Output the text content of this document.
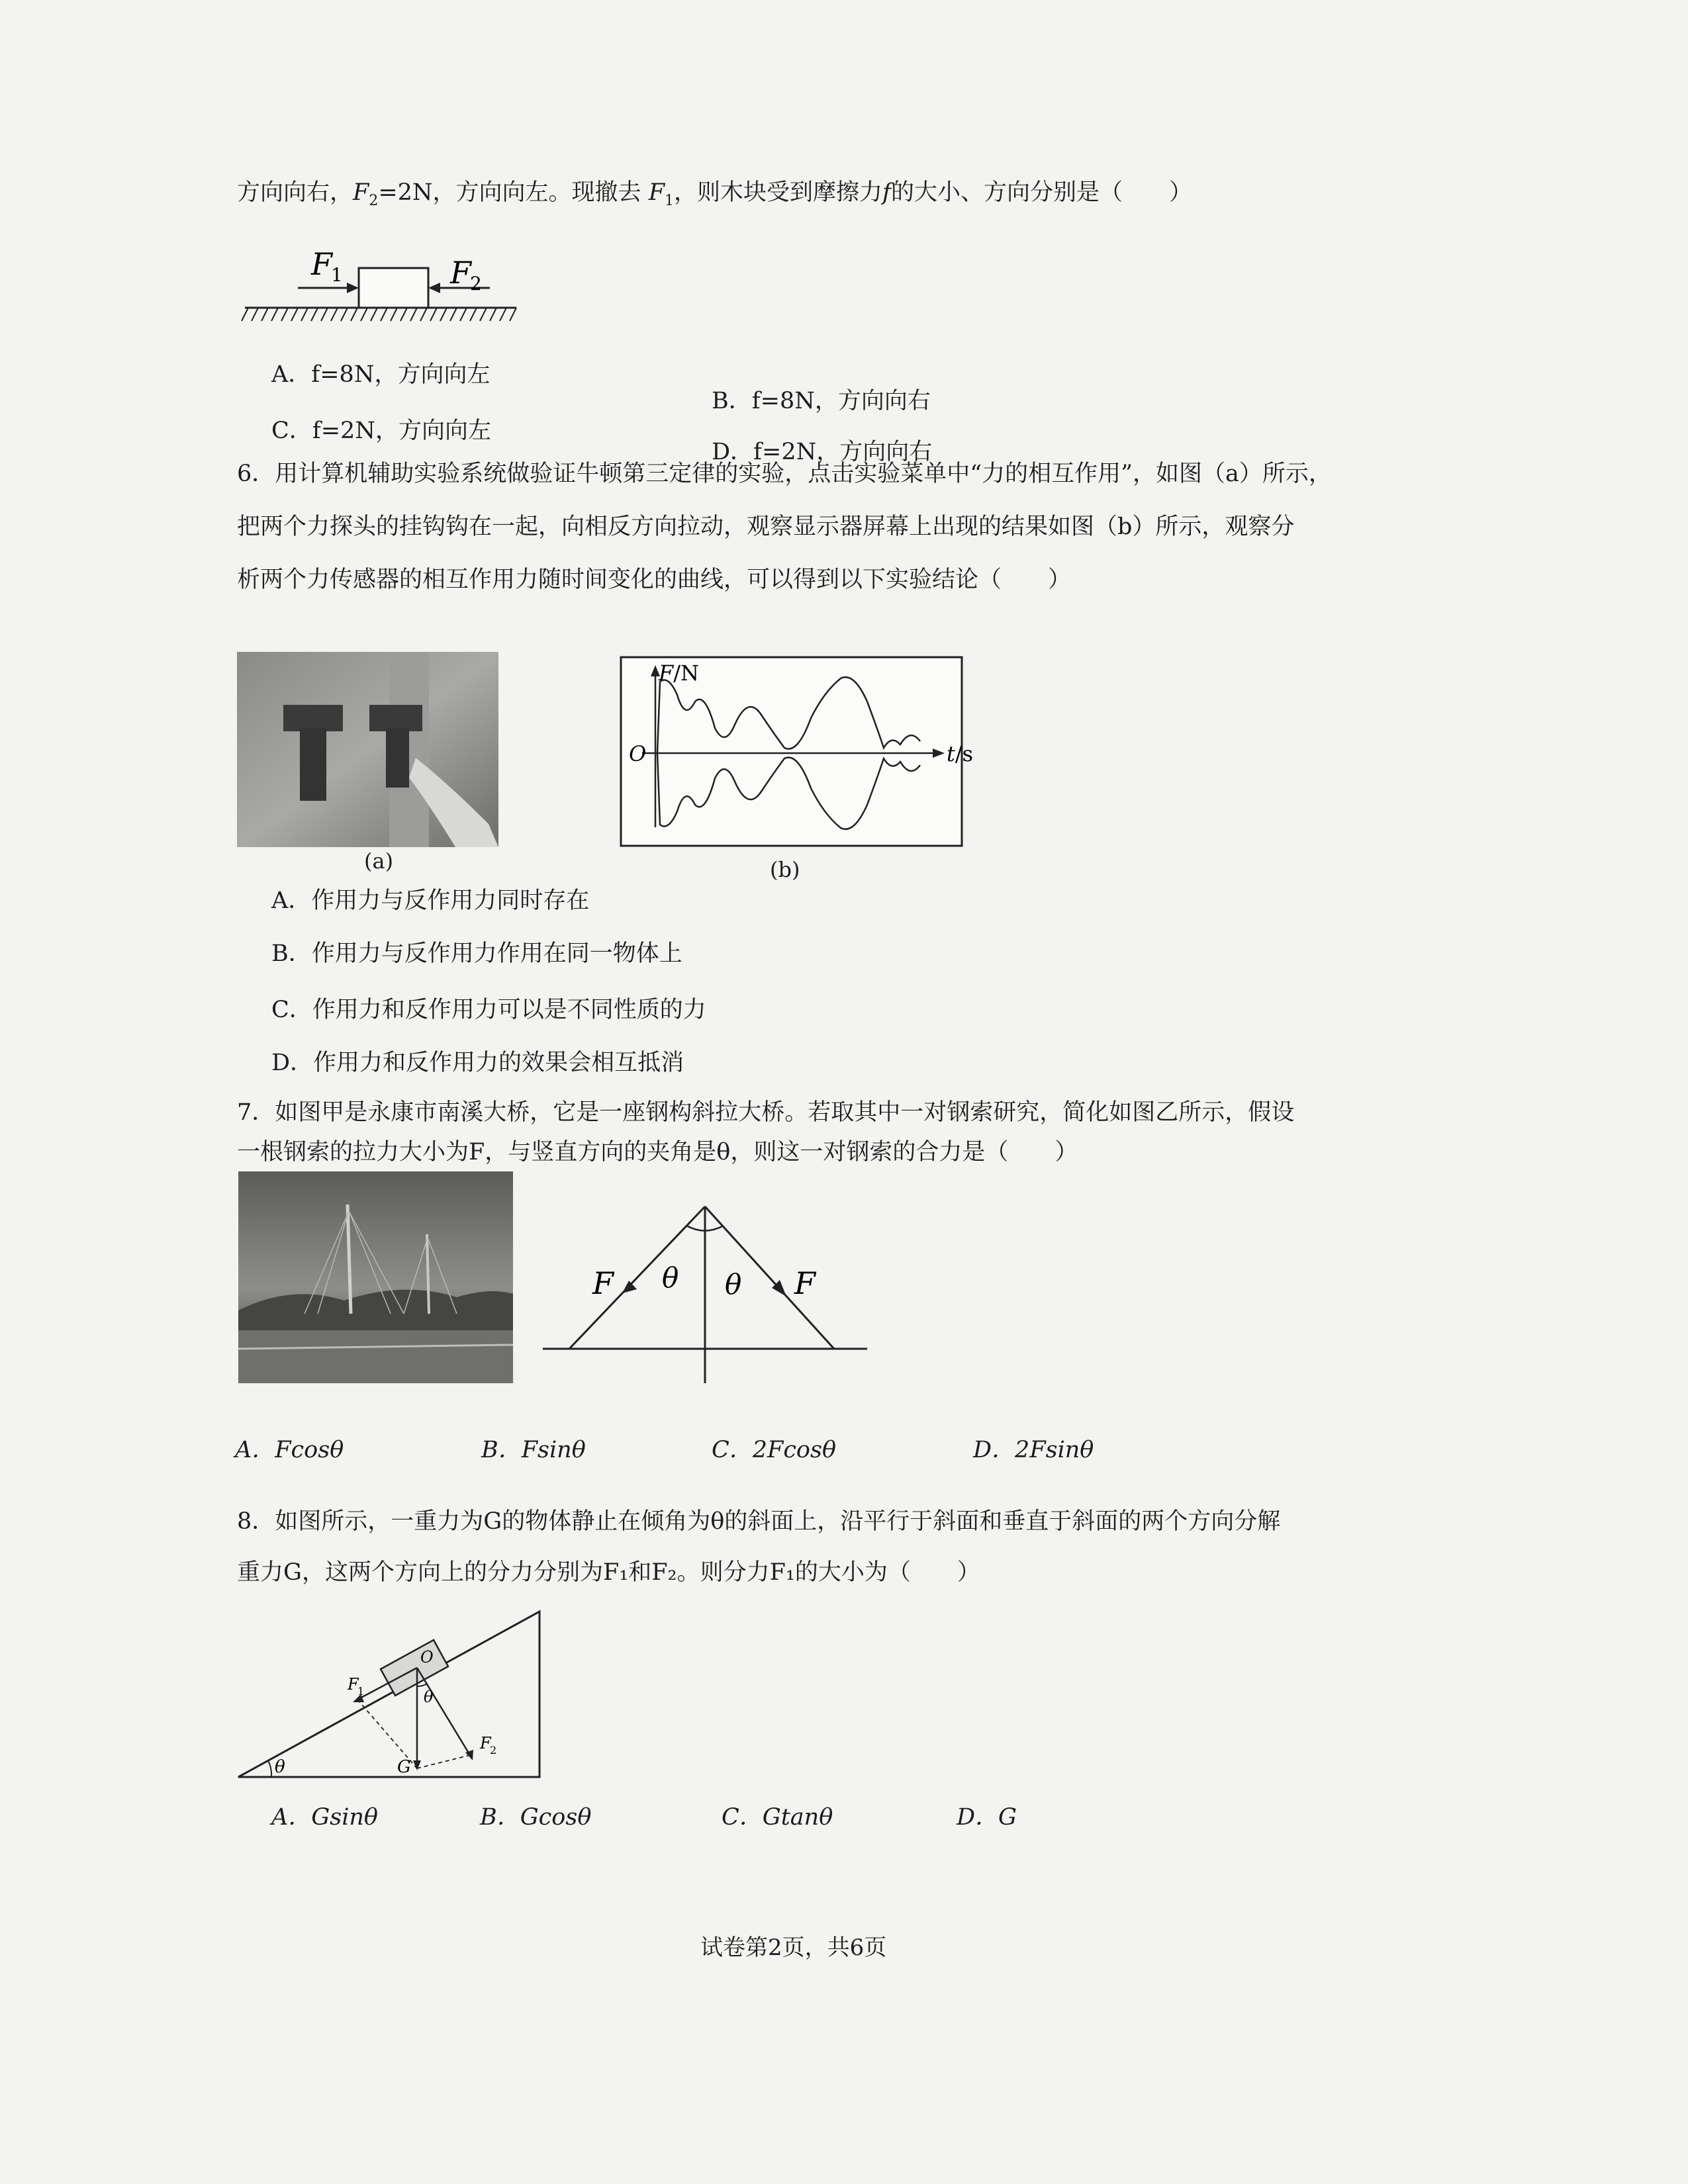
方向向右，$F_2=2N$，方向向左。现撤去 $F_1$，则木块受到摩擦力f的大小、方向分别是（　　）
F
1	F
2
A．f=8N，方向向左
B．f=8N，方向向右
C．f=2N，方向向左
D．f=2N，方向向右
6．用计算机辅助实验系统做验证牛顿第三定律的实验，点击实验菜单中“力的相互作用”，如图（a）所示，
把两个力探头的挂钩钩在一起，向相反方向拉动，观察显示器屏幕上出现的结果如图（b）所示，观察分
析两个力传感器的相互作用力随时间变化的曲线，可以得到以下实验结论（　　）
(a)
F/N
t/s
O
(b)
A．作用力与反作用力同时存在
B．作用力与反作用力作用在同一物体上
C．作用力和反作用力可以是不同性质的力
D．作用力和反作用力的效果会相互抵消
7．如图甲是永康市南溪大桥，它是一座钢构斜拉大桥。若取其中一对钢索研究，简化如图乙所示，假设
一根钢索的拉力大小为F，与竖直方向的夹角是θ，则这一对钢索的合力是（　　）
F θ θ F
A．Fcosθ	B．Fsinθ	C．2Fcosθ	D．2Fsinθ
8．如图所示，一重力为G的物体静止在倾角为θ的斜面上，沿平行于斜面和垂直于斜面的两个方向分解
重力G，这两个方向上的分力分别为F₁和F₂。则分力F₁的大小为（　　）
θ
O
θ
F
1
F
2
G
A．Gsinθ	B．Gcosθ	C．Gtanθ	D．G
试卷第2页，共6页
